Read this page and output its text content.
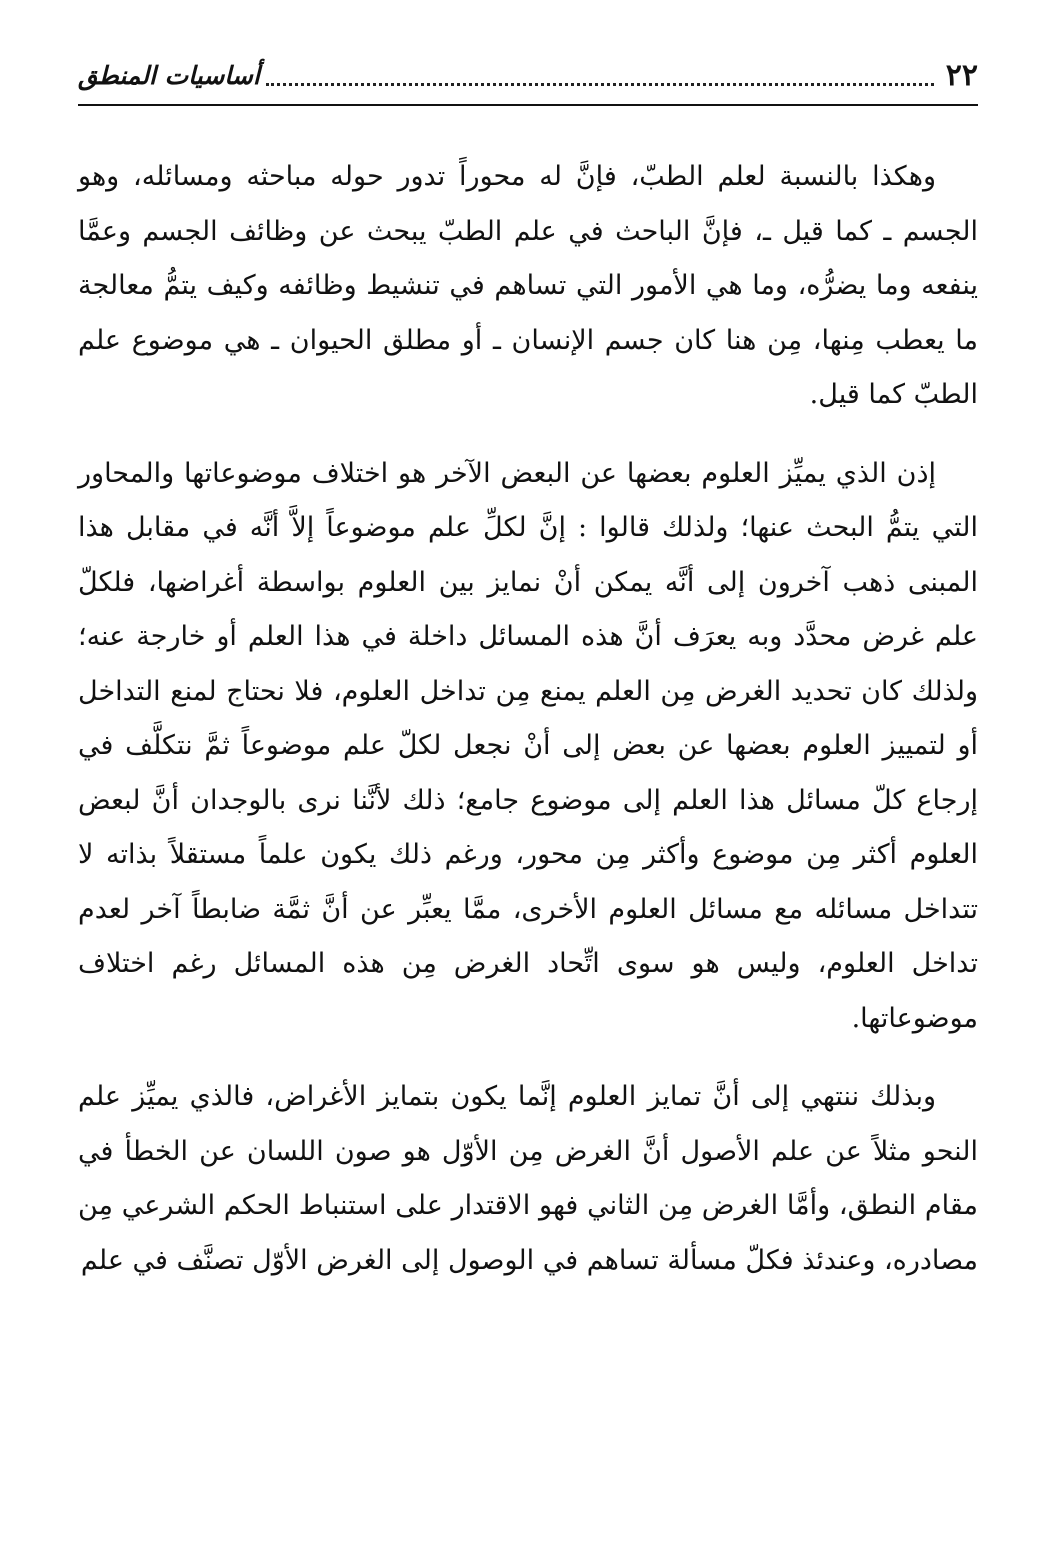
٢٢
أساسيات المنطق

وهكذا بالنسبة لعلم الطبّ، فإنَّ له محوراً تدور حوله مباحثه ومسائله، وهو الجسم ـ كما قيل ـ، فإنَّ الباحث في علم الطبّ يبحث عن وظائف الجسم وعمَّا ينفعه وما يضرُّه، وما هي الأمور التي تساهم في تنشيط وظائفه وكيف يتمُّ معالجة ما يعطب مِنها، مِن هنا كان جسم الإنسان ـ أو مطلق الحيوان ـ هي موضوع علم الطبّ كما قيل.

إذن الذي يميِّز العلوم بعضها عن البعض الآخر هو اختلاف موضوعاتها والمحاور التي يتمُّ البحث عنها؛ ولذلك قالوا : إنَّ لكلِّ علم موضوعاً إلاَّ أنَّه في مقابل هذا المبنى ذهب آخرون إلى أنَّه يمكن أنْ نمايز بين العلوم بواسطة أغراضها، فلكلّ علم غرض محدَّد وبه يعرَف أنَّ هذه المسائل داخلة في هذا العلم أو خارجة عنه؛ ولذلك كان تحديد الغرض مِن العلم يمنع مِن تداخل العلوم، فلا نحتاج لمنع التداخل أو لتمييز العلوم بعضها عن بعض إلى أنْ نجعل لكلّ علم موضوعاً ثمَّ نتكلَّف في إرجاع كلّ مسائل هذا العلم إلى موضوع جامع؛ ذلك لأنَّنا نرى بالوجدان أنَّ لبعض العلوم أكثر مِن موضوع وأكثر مِن محور، ورغم ذلك يكون علماً مستقلاً بذاته لا تتداخل مسائله مع مسائل العلوم الأخرى، ممَّا يعبِّر عن أنَّ ثمَّة ضابطاً آخر لعدم تداخل العلوم، وليس هو سوى اتِّحاد الغرض مِن هذه المسائل رغم اختلاف موضوعاتها.

وبذلك ننتهي إلى أنَّ تمايز العلوم إنَّما يكون بتمايز الأغراض، فالذي يميِّز علم النحو مثلاً عن علم الأصول أنَّ الغرض مِن الأوّل هو صون اللسان عن الخطأ في مقام النطق، وأمَّا الغرض مِن الثاني فهو الاقتدار على استنباط الحكم الشرعي مِن مصادره، وعندئذ فكلّ مسألة تساهم في الوصول إلى الغرض الأوّل تصنَّف في علم
